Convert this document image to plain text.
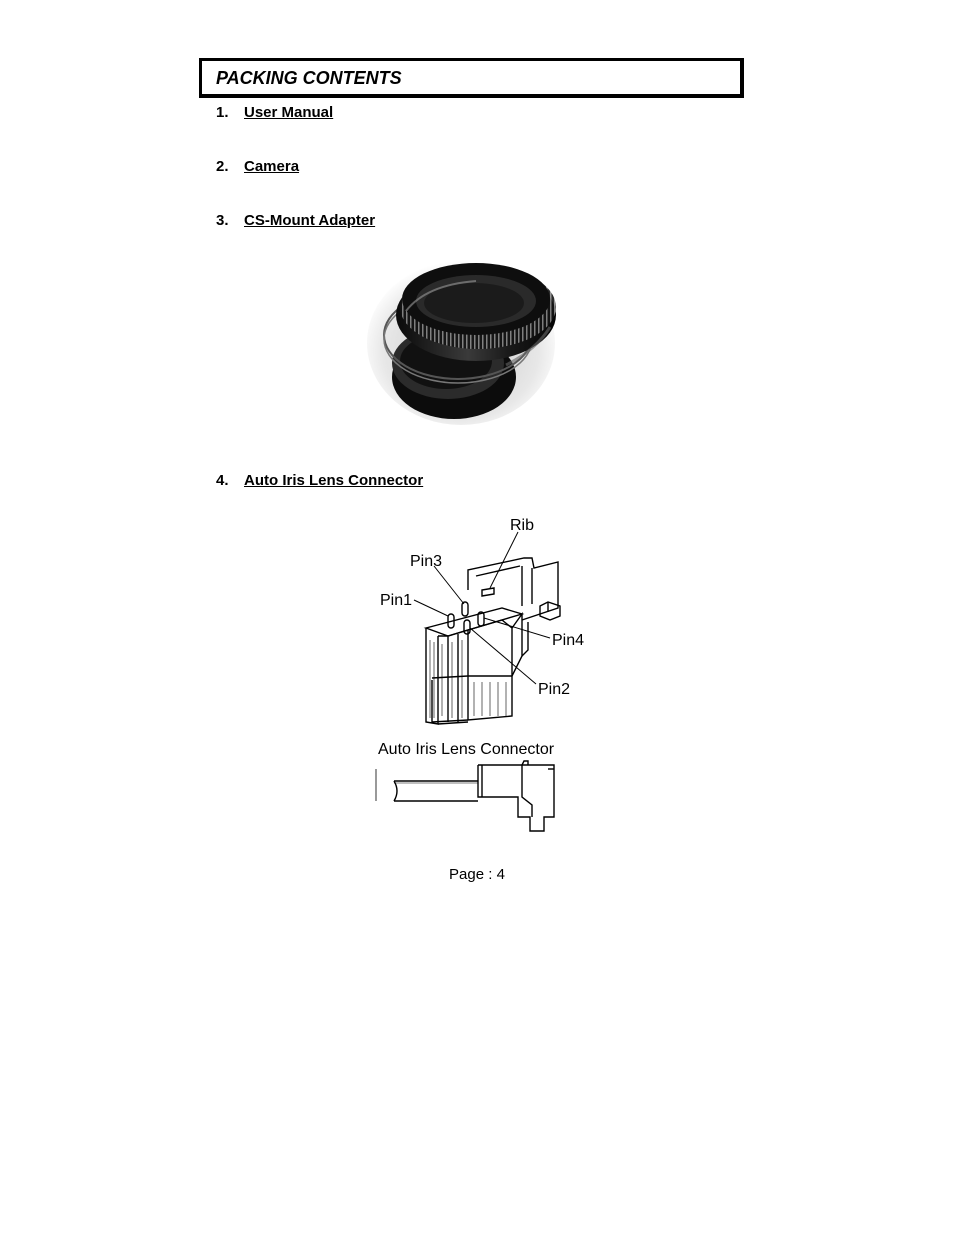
PACKING CONTENTS
1. User Manual
2. Camera
3. CS-Mount Adapter
4. Auto Iris Lens Connector
Rib
Pin3
Pin1
Pin4
Pin2
Auto Iris Lens Connector
Page : 4
